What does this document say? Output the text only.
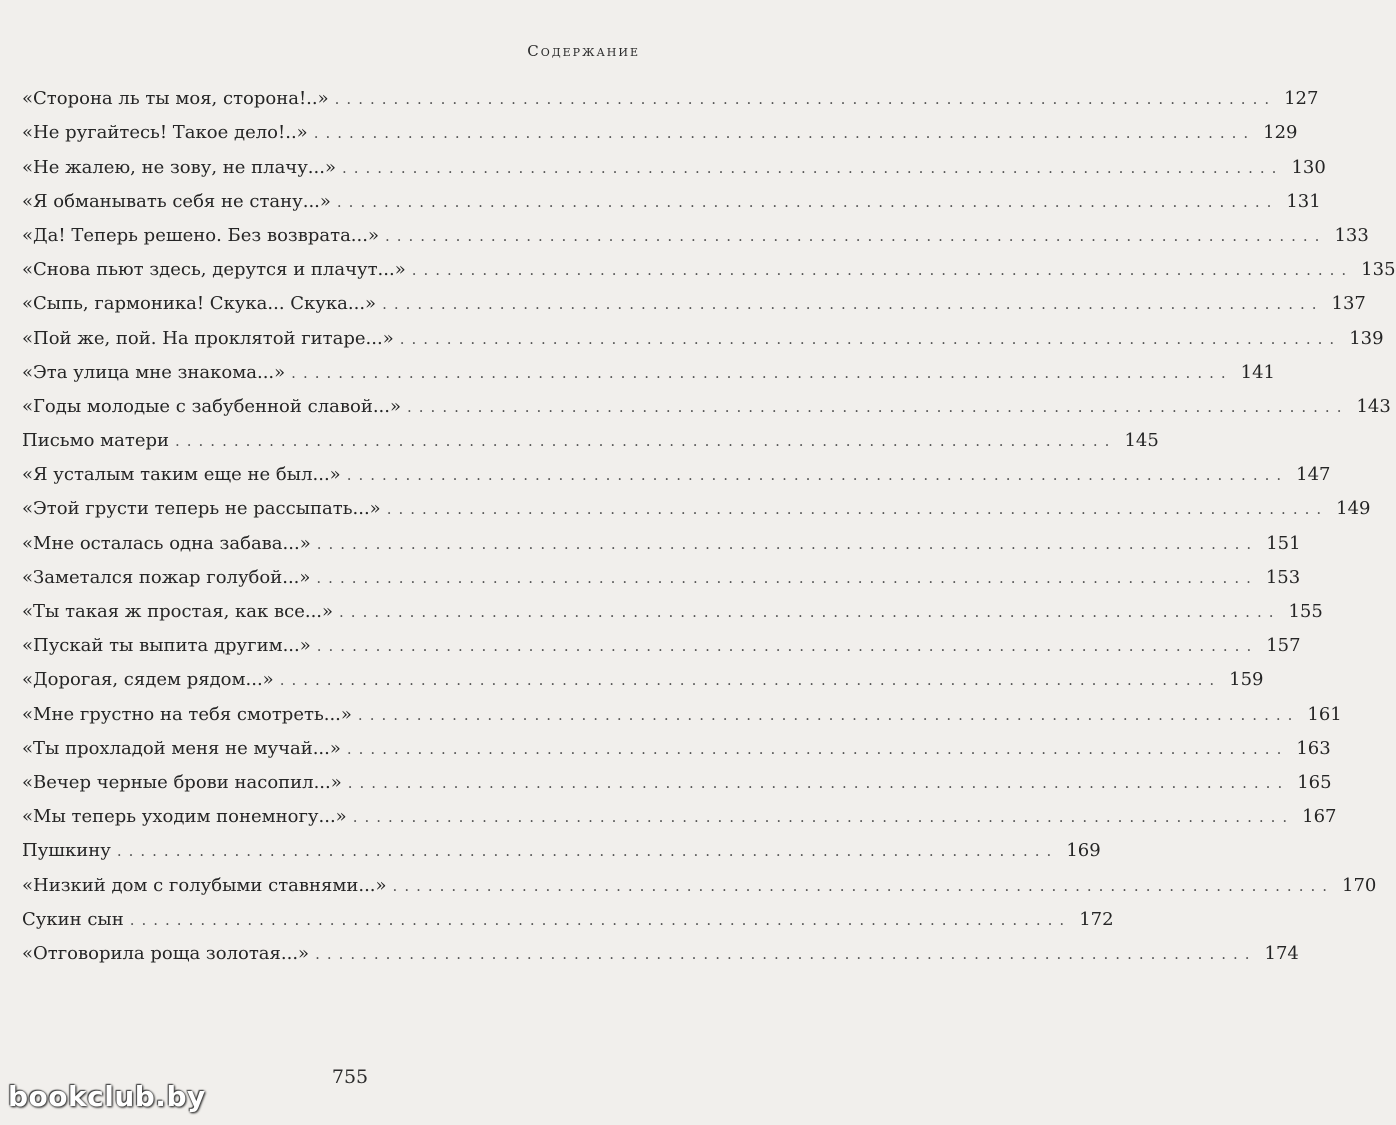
Содержание
«Сторона ль ты моя, сторона!..» ................................................................................ 127
«Не ругайтесь! Такое дело!..» ................................................................................ 129
«Не жалею, не зову, не плачу...» ................................................................................ 130
«Я обманывать себя не стану...» ................................................................................ 131
«Да! Теперь решено. Без возврата...» ................................................................................ 133
«Снова пьют здесь, дерутся и плачут...» ................................................................................ 135
«Сыпь, гармоника! Скука... Скука...» ................................................................................ 137
«Пой же, пой. На проклятой гитаре...» ................................................................................ 139
«Эта улица мне знакома...» ................................................................................ 141
«Годы молодые с забубенной славой...» ................................................................................ 143
Письмо матери ................................................................................ 145
«Я усталым таким еще не был...» ................................................................................ 147
«Этой грусти теперь не рассыпать...» ................................................................................ 149
«Мне осталась одна забава...» ................................................................................ 151
«Заметался пожар голубой...» ................................................................................ 153
«Ты такая ж простая, как все...» ................................................................................ 155
«Пускай ты выпита другим...» ................................................................................ 157
«Дорогая, сядем рядом...» ................................................................................ 159
«Мне грустно на тебя смотреть...» ................................................................................ 161
«Ты прохладой меня не мучай...» ................................................................................ 163
«Вечер черные брови насопил...» ................................................................................ 165
«Мы теперь уходим понемногу...» ................................................................................ 167
Пушкину ................................................................................ 169
«Низкий дом с голубыми ставнями...» ................................................................................ 170
Сукин сын ................................................................................ 172
«Отговорила роща золотая...» ................................................................................ 174
755
bookclub.by
